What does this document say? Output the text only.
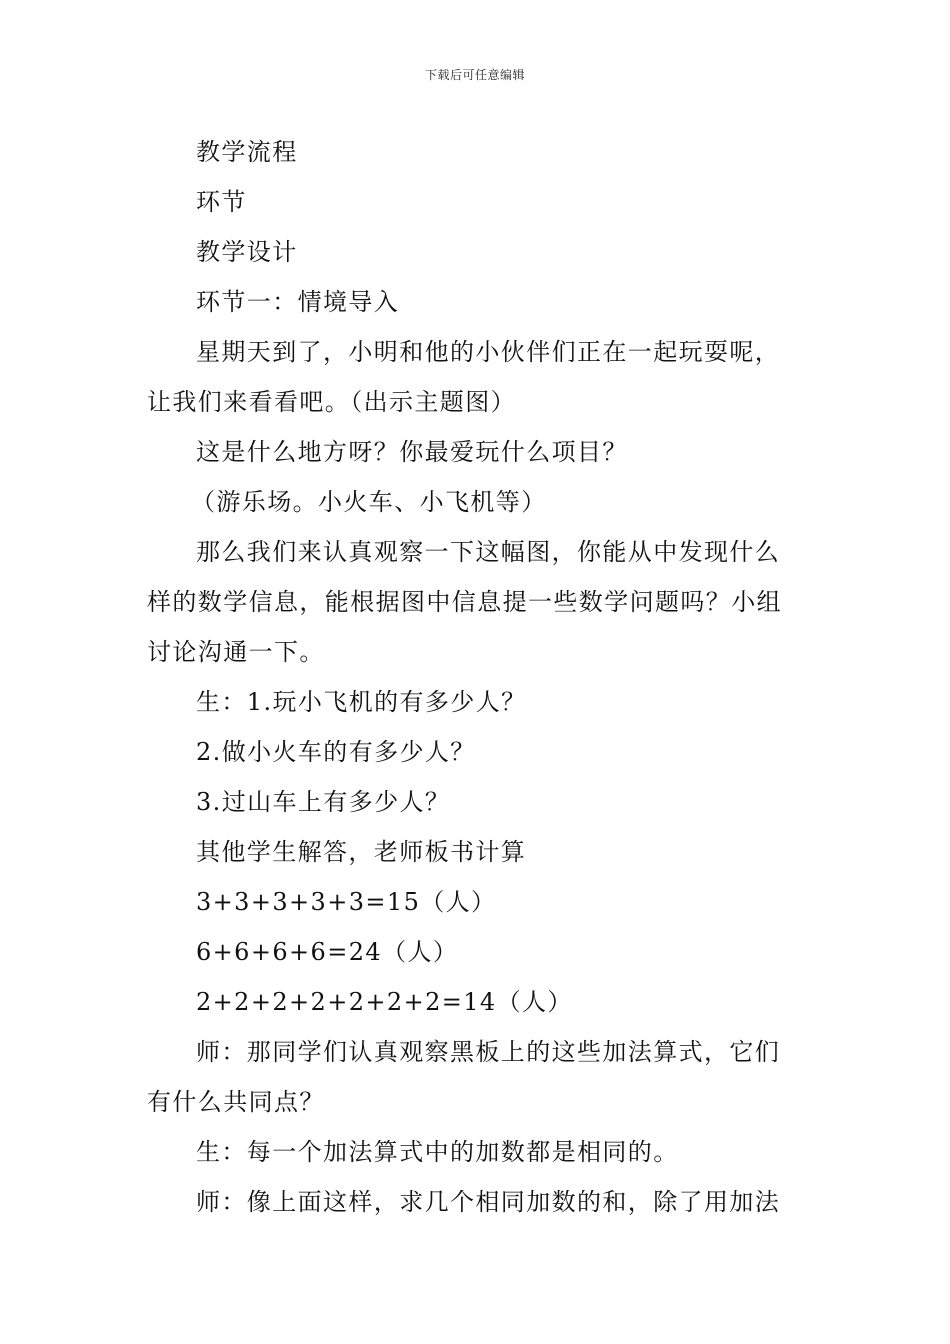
下载后可任意编辑

教学流程

环节

教学设计

环节一：情境导入

星期天到了，小明和他的小伙伴们正在一起玩耍呢，

让我们来看看吧。（出示主题图）

这是什么地方呀？你最爱玩什么项目？

（游乐场。小火车、小飞机等）

那么我们来认真观察一下这幅图，你能从中发现什么

样的数学信息，能根据图中信息提一些数学问题吗？小组

讨论沟通一下。

生：1.玩小飞机的有多少人？

2.做小火车的有多少人？

3.过山车上有多少人？

其他学生解答，老师板书计算

3+3+3+3+3=15（人）

6+6+6+6=24（人）

2+2+2+2+2+2+2=14（人）

师：那同学们认真观察黑板上的这些加法算式，它们

有什么共同点？

生：每一个加法算式中的加数都是相同的。

师：像上面这样，求几个相同加数的和，除了用加法
